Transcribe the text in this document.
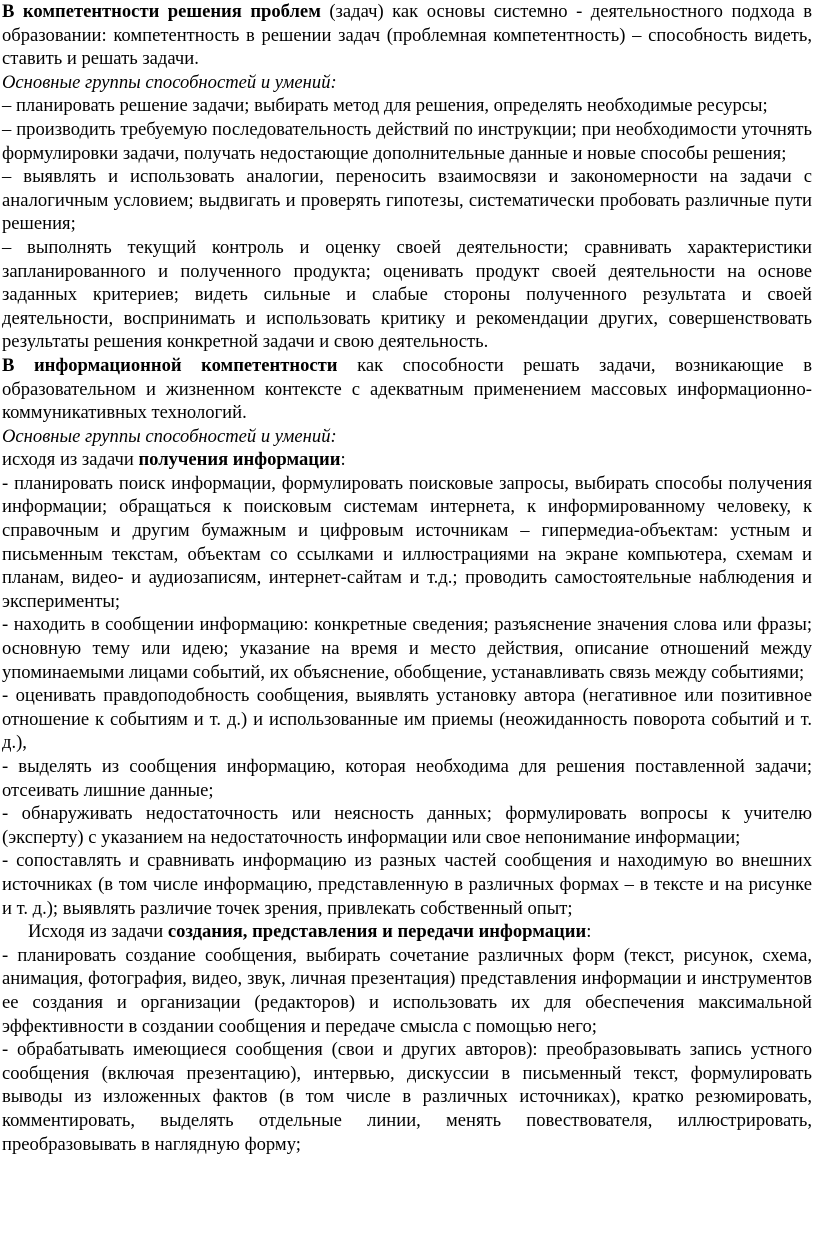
В компетентности решения проблем (задач) как основы системно - деятельностного подхода в образовании: компетентность в решении задач (проблемная компетентность) – способность видеть, ставить и решать задачи.

Основные группы способностей и умений:

– планировать решение задачи; выбирать метод для решения, определять необходимые ресурсы;

– производить требуемую последовательность действий по инструкции; при необходимости уточнять формулировки задачи, получать недостающие дополнительные данные и новые способы решения;

– выявлять и использовать аналогии, переносить взаимосвязи и закономерности на задачи с аналогичным условием; выдвигать и проверять гипотезы, систематически пробовать различные пути решения;

– выполнять текущий контроль и оценку своей деятельности; сравнивать характеристики запланированного и полученного продукта; оценивать продукт своей деятельности на основе заданных критериев; видеть сильные и слабые стороны полученного результата и своей деятельности, воспринимать и использовать критику и рекомендации других, совершенствовать результаты решения конкретной задачи и свою деятельность.

В информационной компетентности как способности решать задачи, возникающие в образовательном и жизненном контексте с адекватным применением массовых информационно-коммуникативных технологий.

Основные группы способностей и умений:

исходя из задачи получения информации:

- планировать поиск информации, формулировать поисковые запросы, выбирать способы получения информации; обращаться к поисковым системам интернета, к информированному человеку, к справочным и другим бумажным и цифровым источникам – гипермедиа-объектам: устным и письменным текстам, объектам со ссылками и иллюстрациями на экране компьютера, схемам и планам, видео- и аудиозаписям, интернет-сайтам и т.д.; проводить самостоятельные наблюдения и эксперименты;

- находить в сообщении информацию: конкретные сведения; разъяснение значения слова или фразы; основную тему или идею; указание на время и место действия, описание отношений между упоминаемыми лицами событий, их объяснение, обобщение, устанавливать связь между событиями;

- оценивать правдоподобность сообщения, выявлять установку автора (негативное или позитивное отношение к событиям и т. д.) и использованные им приемы (неожиданность поворота событий и т. д.),

- выделять из сообщения информацию, которая необходима для решения поставленной задачи; отсеивать лишние данные;

- обнаруживать недостаточность или неясность данных; формулировать вопросы к учителю (эксперту) с указанием на недостаточность информации или свое непонимание информации;

- сопоставлять и сравнивать информацию из разных частей сообщения и находимую во внешних источниках (в том числе информацию, представленную в различных формах – в тексте и на рисунке и т. д.); выявлять различие точек зрения, привлекать собственный опыт;

Исходя из задачи создания, представления и передачи информации:

- планировать создание сообщения, выбирать сочетание различных форм (текст, рисунок, схема, анимация, фотография, видео, звук, личная презентация) представления информации и инструментов ее создания и организации (редакторов) и использовать их для обеспечения максимальной эффективности в создании сообщения и передаче смысла с помощью него;

- обрабатывать имеющиеся сообщения (свои и других авторов): преобразовывать запись устного сообщения (включая презентацию), интервью, дискуссии в письменный текст, формулировать выводы из изложенных фактов (в том числе в различных источниках), кратко резюмировать, комментировать, выделять отдельные линии, менять повествователя, иллюстрировать, преобразовывать в наглядную форму;
